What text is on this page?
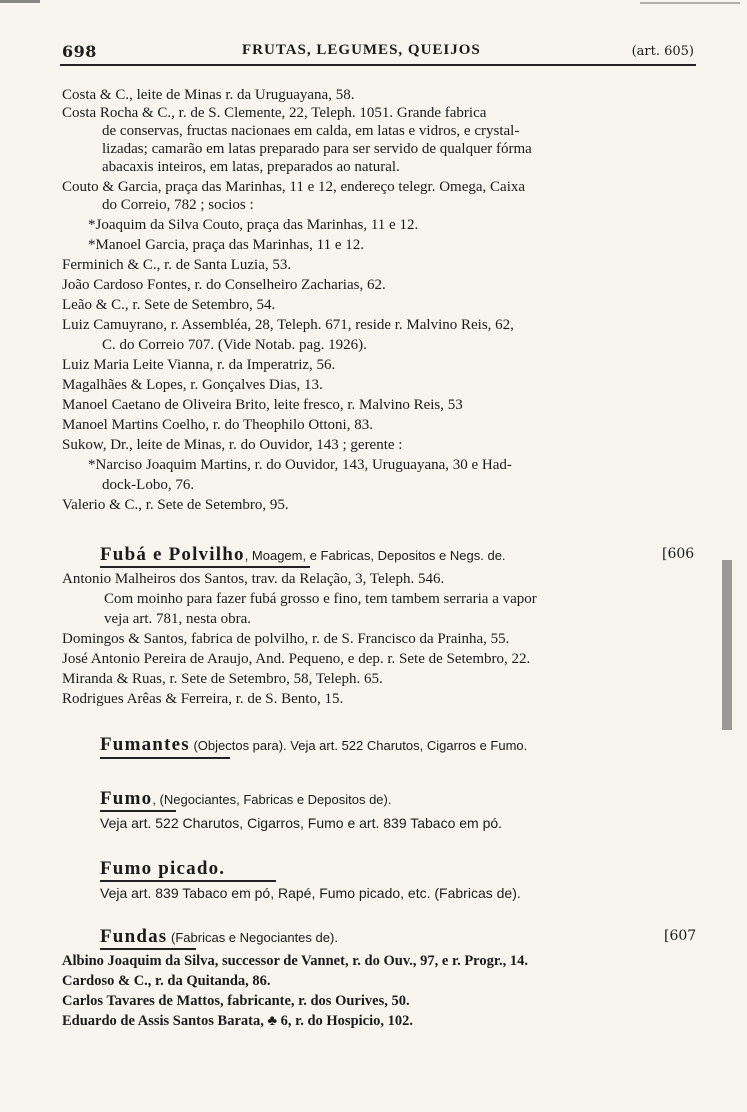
698	FRUTAS, LEGUMES, QUEIJOS	(art. 605)
Costa & C., leite de Minas r. da Uruguayana, 58.
Costa Rocha & C., r. de S. Clemente, 22, Teleph. 1051. Grande fabrica
de conservas, fructas nacionaes em calda, em latas e vidros, e crystal-
lizadas; camarão em latas preparado para ser servido de qualquer fórma
abacaxis inteiros, em latas, preparados ao natural.
Couto & Garcia, praça das Marinhas, 11 e 12, endereço telegr. Omega, Caixa
do Correio, 782 ; socios :
*Joaquim da Silva Couto, praça das Marinhas, 11 e 12.
*Manoel Garcia, praça das Marinhas, 11 e 12.
Ferminich & C., r. de Santa Luzia, 53.
João Cardoso Fontes, r. do Conselheiro Zacharias, 62.
Leão & C., r. Sete de Setembro, 54.
Luiz Camuyrano, r. Assembléa, 28, Teleph. 671, reside r. Malvino Reis, 62,
C. do Correio 707. (Vide Notab. pag. 1926).
Luiz Maria Leite Vianna, r. da Imperatriz, 56.
Magalhães & Lopes, r. Gonçalves Dias, 13.
Manoel Caetano de Oliveira Brito, leite fresco, r. Malvino Reis, 53
Manoel Martins Coelho, r. do Theophilo Ottoni, 83.
Sukow, Dr., leite de Minas, r. do Ouvidor, 143 ; gerente :
*Narciso Joaquim Martins, r. do Ouvidor, 143, Uruguayana, 30 e Had-
dock-Lobo, 76.
Valerio & C., r. Sete de Setembro, 95.
Fubá e Polvilho, Moagem, e Fabricas, Depositos e Negs. de.	[606
Antonio Malheiros dos Santos, trav. da Relação, 3, Teleph. 546.
Com moinho para fazer fubá grosso e fino, tem tambem serraria a vapor
veja art. 781, nesta obra.
Domingos & Santos, fabrica de polvilho, r. de S. Francisco da Prainha, 55.
José Antonio Pereira de Araujo, And. Pequeno, e dep. r. Sete de Setembro, 22.
Miranda & Ruas, r. Sete de Setembro, 58, Teleph. 65.
Rodrigues Arêas & Ferreira, r. de S. Bento, 15.
Fumantes (Objectos para). Veja art. 522 Charutos, Cigarros e Fumo.
Fumo, (Negociantes, Fabricas e Depositos de).
Veja art. 522 Charutos, Cigarros, Fumo e art. 839 Tabaco em pó.
Fumo picado.
Veja art. 839 Tabaco em pó, Rapé, Fumo picado, etc. (Fabricas de).
Fundas (Fabricas e Negociantes de).	[607
Albino Joaquim da Silva, successor de Vannet, r. do Ouv., 97, e r. Progr., 14.
Cardoso & C., r. da Quitanda, 86.
Carlos Tavares de Mattos, fabricante, r. dos Ourives, 50.
Eduardo de Assis Santos Barata, ♣ 6, r. do Hospicio, 102.
